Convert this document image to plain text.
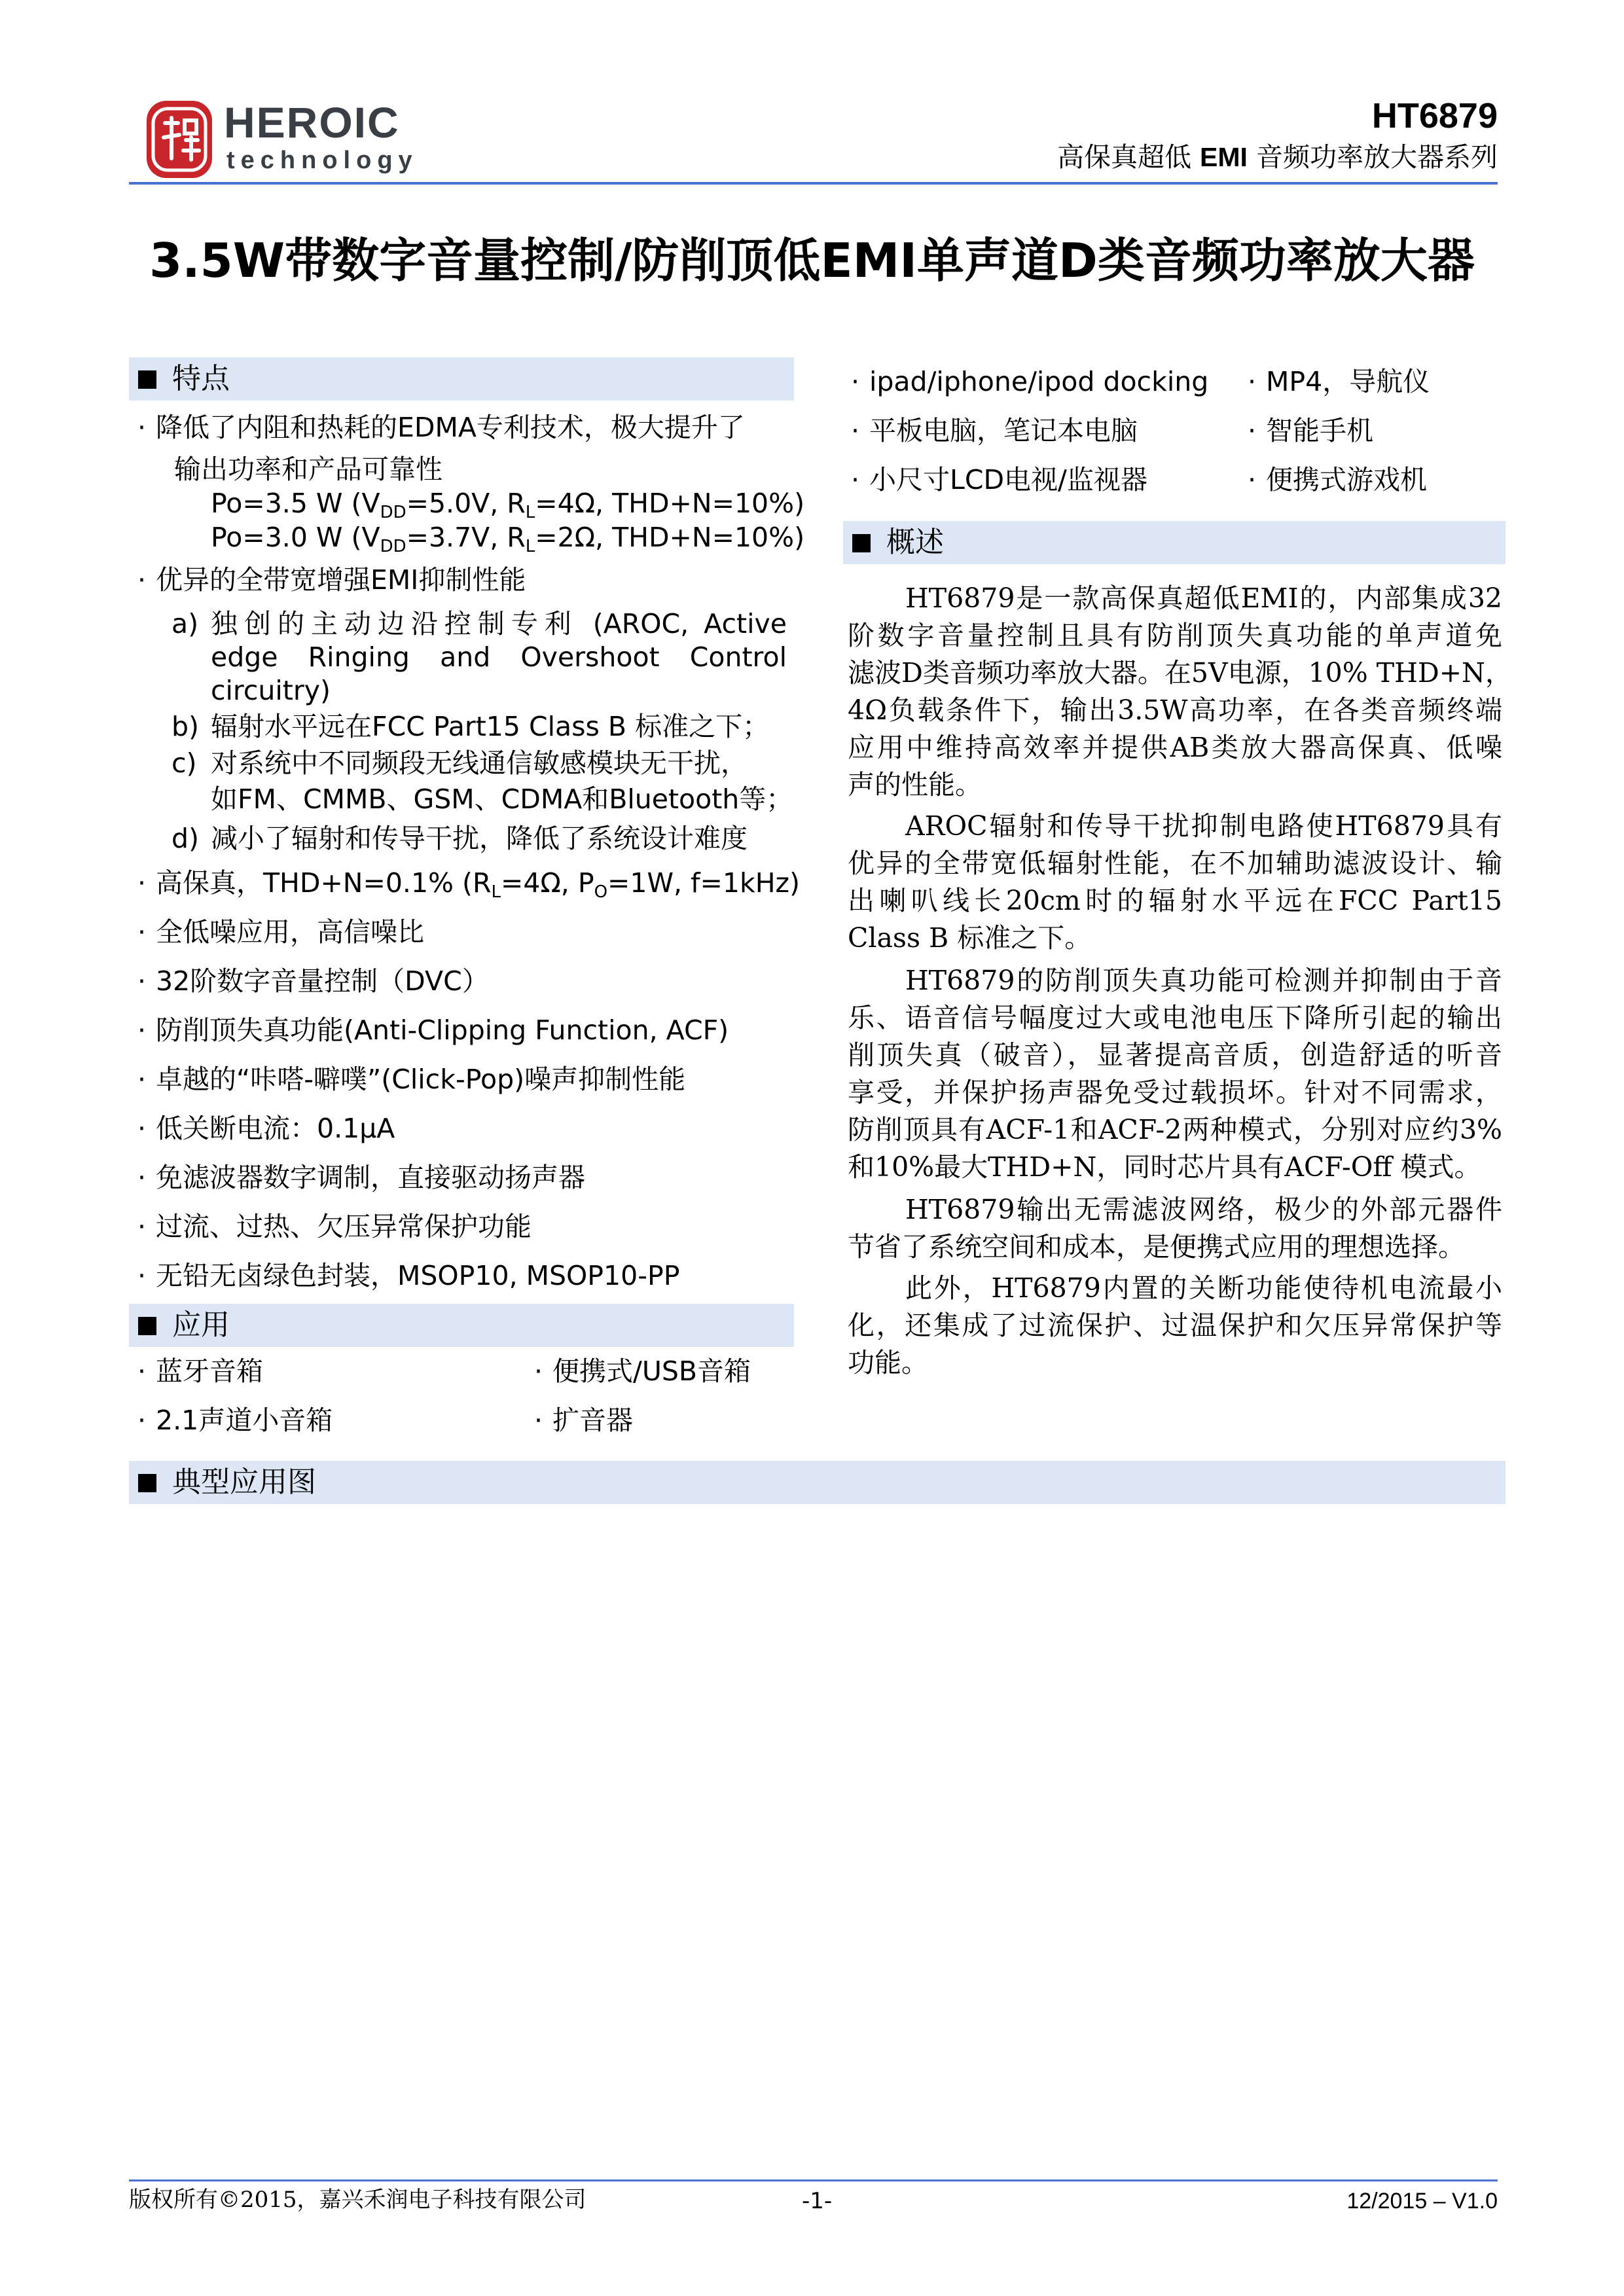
HEROIC
technology
HT6879
高保真超低 EMI 音频功率放大器系列
3.5W带数字音量控制/防削顶低EMI单声道D类音频功率放大器
特点
· 降低了内阻和热耗的EDMA专利技术，极大提升了
输出功率和产品可靠性
Po=3.5 W ($V_{DD}=5.0V$, $R_L=4\Omega$, THD+N=10%)
Po=3.0 W ($V_{DD}=3.7V$, $R_L=2\Omega$, THD+N=10%)
· 优异的全带宽增强EMI抑制性能
a) 独创的主动边沿控制专利 (AROC, Active
edge Ringing and Overshoot Control
circuitry)
b) 辐射水平远在FCC Part15 Class B 标准之下；
c) 对系统中不同频段无线通信敏感模块无干扰，
如FM、CMMB、GSM、CDMA和Bluetooth等；
d) 减小了辐射和传导干扰，降低了系统设计难度
· 高保真，THD+N=0.1% ($R_L=4\Omega$, $P_O=1W$, f=1kHz)
· 全低噪应用，高信噪比
· 32阶数字音量控制（DVC）
· 防削顶失真功能(Anti-Clipping Function, ACF)
· 卓越的“咔嗒-噼噗”(Click-Pop)噪声抑制性能
· 低关断电流：0.1μA
· 免滤波器数字调制，直接驱动扬声器
· 过流、过热、欠压异常保护功能
· 无铅无卤绿色封装，MSOP10, MSOP10-PP
应用
· 蓝牙音箱
· 2.1声道小音箱
· 便携式/USB音箱
· 扩音器
· ipad/iphone/ipod docking
· 平板电脑，笔记本电脑
· 小尺寸LCD电视/监视器
· MP4，导航仪
· 智能手机
· 便携式游戏机
概述
HT6879是一款高保真超低EMI的，内部集成32
阶数字音量控制且具有防削顶失真功能的单声道免
滤波D类音频功率放大器。在5V电源，10% THD+N，
4Ω负载条件下，输出3.5W高功率，在各类音频终端
应用中维持高效率并提供AB类放大器高保真、低噪
声的性能。
AROC辐射和传导干扰抑制电路使HT6879具有
优异的全带宽低辐射性能，在不加辅助滤波设计、输
出喇叭线长20cm时的辐射水平远在FCC Part15
Class B 标准之下。
HT6879的防削顶失真功能可检测并抑制由于音
乐、语音信号幅度过大或电池电压下降所引起的输出
削顶失真（破音），显著提高音质，创造舒适的听音
享受，并保护扬声器免受过载损坏。针对不同需求，
防削顶具有ACF-1和ACF-2两种模式，分别对应约3%
和10%最大THD+N，同时芯片具有ACF-Off 模式。
HT6879输出无需滤波网络，极少的外部元器件
节省了系统空间和成本，是便携式应用的理想选择。
此外，HT6879内置的关断功能使待机电流最小
化，还集成了过流保护、过温保护和欠压异常保护等
功能。
典型应用图
版权所有©2015，嘉兴禾润电子科技有限公司	-1-	12/2015 – V1.0
